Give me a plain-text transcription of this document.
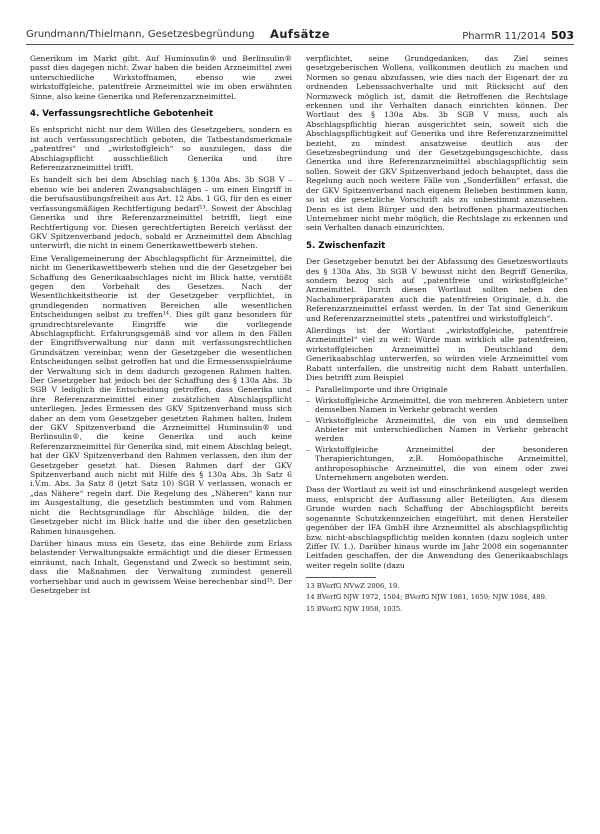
Grundmann/Thielmann, Gesetzesbegründung	Aufsätze	PharmR 11/2014 503

Generikum im Markt gibt. Auf Huminsulin® und Berlinsulin® passt dies dagegen nicht: Zwar haben die beiden Arzneimittel zwei unterschiedliche Wirkstoffnamen, ebenso wie zwei wirkstoffgleiche, patentfreie Arzneimittel wie im oben erwähnten Sinne, also keine Generika und Referenzarzneimittel.

4. Verfassungsrechtliche Gebotenheit

Es entspricht nicht nur dem Willen des Gesetzgebers, sondern es ist auch verfassungsrechtlich geboten, die Tatbestandsmerkmale „patentfrei“ und „wirkstoffgleich“ so auszulegen, dass die Abschlagspflicht ausschließlich Generika und ihre Referenzarzneimittel trifft.

Es handelt sich bei dem Abschlag nach § 130a Abs. 3b SGB V – ebenso wie bei anderen Zwangsabschlägen – um einen Eingriff in die berufsausübungsfreiheit aus Art. 12 Abs. 1 GG, für den es einer verfassungsmäßigen Rechtfertigung bedarf¹³. Soweit der Abschlag Generika und ihre Referenzarzneimittel betrifft, liegt eine Rechtfertigung vor. Diesen gerechtfertigten Bereich verlässt der GKV Spitzenverband jedoch, sobald er Arzneimittel dem Abschlag unterwirft, die nicht in einem Generikawettbewerb stehen.

Eine Verallgemeinerung der Abschlagspflicht für Arzneimittel, die nicht im Generikawettbewerb stehen und die der Gesetzgeber bei Schaffung des Generikaabschlages nicht im Blick hatte, verstößt gegen den Vorbehalt des Gesetzes. Nach der Wesentlichkeitstheorie ist der Gesetzgeber verpflichtet, in grundlegenden normativen Bereichen alle wesentlichen Entscheidungen selbst zu treffen¹⁴. Dies gilt ganz besonders für grundrechtsrelevante Eingriffe wie die vorliegende Abschlagspflicht. Erfahrungsgemäß sind vor allem in den Fällen der Eingriffsverwaltung nur dann mit verfassungsrechtlichen Grundsätzen vereinbar, wenn der Gesetzgeber die wesentlichen Entscheidungen selbst getroffen hat und die Ermessensspielräume der Verwaltung sich in dem dadurch gezogenen Rahmen halten. Der Gesetzgeber hat jedoch bei der Schaffung des § 130a Abs. 3b SGB V lediglich die Entscheidung getroffen, dass Generika und ihre Referenzarzneimittel einer zusätzlichen Abschlagspflicht unterliegen. Jedes Ermessen des GKV Spitzenverband muss sich daher an dem vom Gesetzgeber gesetzten Rahmen halten. Indem der GKV Spitzenverband die Arzneimittel Huminsulin® und Berlinsulin®, die keine Generika und auch keine Referenzarzneimittel für Generika sind, mit einem Abschlag belegt, hat der GKV Spitzenverband den Rahmen verlassen, den ihm der Gesetzgeber gesetzt hat. Diesen Rahmen darf der GKV Spitzenverband auch nicht mit Hilfe des § 130a Abs. 3b Satz 6 i.V.m. Abs. 3a Satz 8 (jetzt Satz 10) SGB V verlassen, wonach er „das Nähere“ regeln darf. Die Regelung des „Näheren“ kann nur im Ausgestaltung, die gesetzlich bestimmten und vom Rahmen nicht die Rechtsgrundlage für Abschläge bilden, die der Gesetzgeber nicht im Blick hatte und die über den gesetzlichen Rahmen hinausgehen.

Darüber hinaus muss ein Gesetz, das eine Behörde zum Erlass belastender Verwaltungsakte ermächtigt und die dieser Ermessen einräumt, nach Inhalt, Gegenstand und Zweck so bestimmt sein, dass die Maßnahmen der Verwaltung zumindest generell vorhersehbar und auch in gewissem Weise berechenbar sind¹⁵. Der Gesetzgeber ist

verpflichtet, seine Grundgedanken, das Ziel seines gesetzgeberischen Wollens, vollkommen deutlich zu machen und Normen so genau abzufassen, wie dies nach der Eigenart der zu ordnenden Lebenssachverhalte und mit Rücksicht auf den Normzweck möglich ist, damit die Betroffenen die Rechtslage erkennen und ihr Verhalten danach einrichten können. Der Wortlaut des § 130a Abs. 3b SGB V muss, auch als Abschlagspflichtig hieran ausgerichtet sein, soweit sich die Abschlagspflichtigkeit auf Generika und ihre Referenzarzneimittel bezieht, zu mindest ansatzweise deutlich aus der Gesetzesbegründung und der Gesetzgebungsgeschichte, dass Generika und ihre Referenzarzneimittel abschlagspflichtig sein sollen. Soweit der GKV Spitzenverband jedoch behauptet, dass die Regelung auch noch weitere Fälle von „Sonderfällen“ erfasst, die der GKV Spitzenverband nach eigenem Belieben bestimmen kann, so ist die gesetzliche Vorschrift als zu unbestimmt anzusehen. Denn es ist dem Bürger und den betroffenen pharmazeutischen Unternehmer nicht mehr möglich, die Rechtslage zu erkennen und sein Verhalten danach einzurichten.

5. Zwischenfazit

Der Gesetzgeber benutzt bei der Abfassung des Gesetzeswortlauts des § 130a Abs. 3b SGB V bewusst nicht den Begriff Generika, sondern bezog sich auf „patentfreie und wirkstoffgleiche“ Arzneimittel. Durch diesen Wortlaut sollten neben den Nachahmerpräparaten auch die patentfreien Originale, d.h. die Referenzarzneimittel erfasst werden. In der Tat sind Generikum und Referenzarzneimittel stets „patentfrei und wirkstoffgleich“.

Allerdings ist der Wortlaut „wirkstoffgleiche, patentfreie Arzneimittel“ viel zu weit: Würde man wirklich alle patentfreien, wirkstoffgleichen Arzneimittel in Deutschland dem Generikaabschlag unterwerfen, so würden viele Arzneimittel vom Rabatt unterfallen, die unstreitig nicht dem Rabatt unterfallen. Dies betrifft zum Beispiel

– Parallelimporte und ihre Originale
– Wirkstoffgleiche Arzneimittel, die von mehreren Anbietern unter demselben Namen in Verkehr gebracht werden
– Wirkstoffgleiche Arzneimittel, die von ein und demselben Anbieter mit unterschiedlichen Namen in Verkehr gebracht werden
– Wirkstoffgleiche Arzneimittel der besonderen Therapierichtungen, z.B. Homöopathische Arzneimittel, anthroposophische Arzneimittel, die von einem oder zwei Unternehmern angeboten werden.

Dass der Wortlaut zu weit ist und einschränkend ausgelegt werden muss, entspricht der Auffassung aller Beteiligten. Aus diesem Grunde wurden nach Schaffung der Abschlagspflicht bereits sogenannte Schutzkennzeichen eingeführt, mit denen Hersteller gegenüber der IFA GmbH ihre Arzneimittel als abschlagspflichtig bzw. nicht-abschlagspflichtig melden konnten (dazu sogleich unter Ziffer IV. 1.). Darüber hinaus wurde im Jahr 2008 ein sogenannter Leitfaden geschaffen, der die Anwendung des Generikaabschlags weiter regeln sollte (dazu

13 BVerfG NVwZ 2006, 19.

14 BVerfG NJW 1972, 1504; BVerfG NJW 1981, 1659; NJW 1984, 489.

15 BVerfG NJW 1958, 1035.
